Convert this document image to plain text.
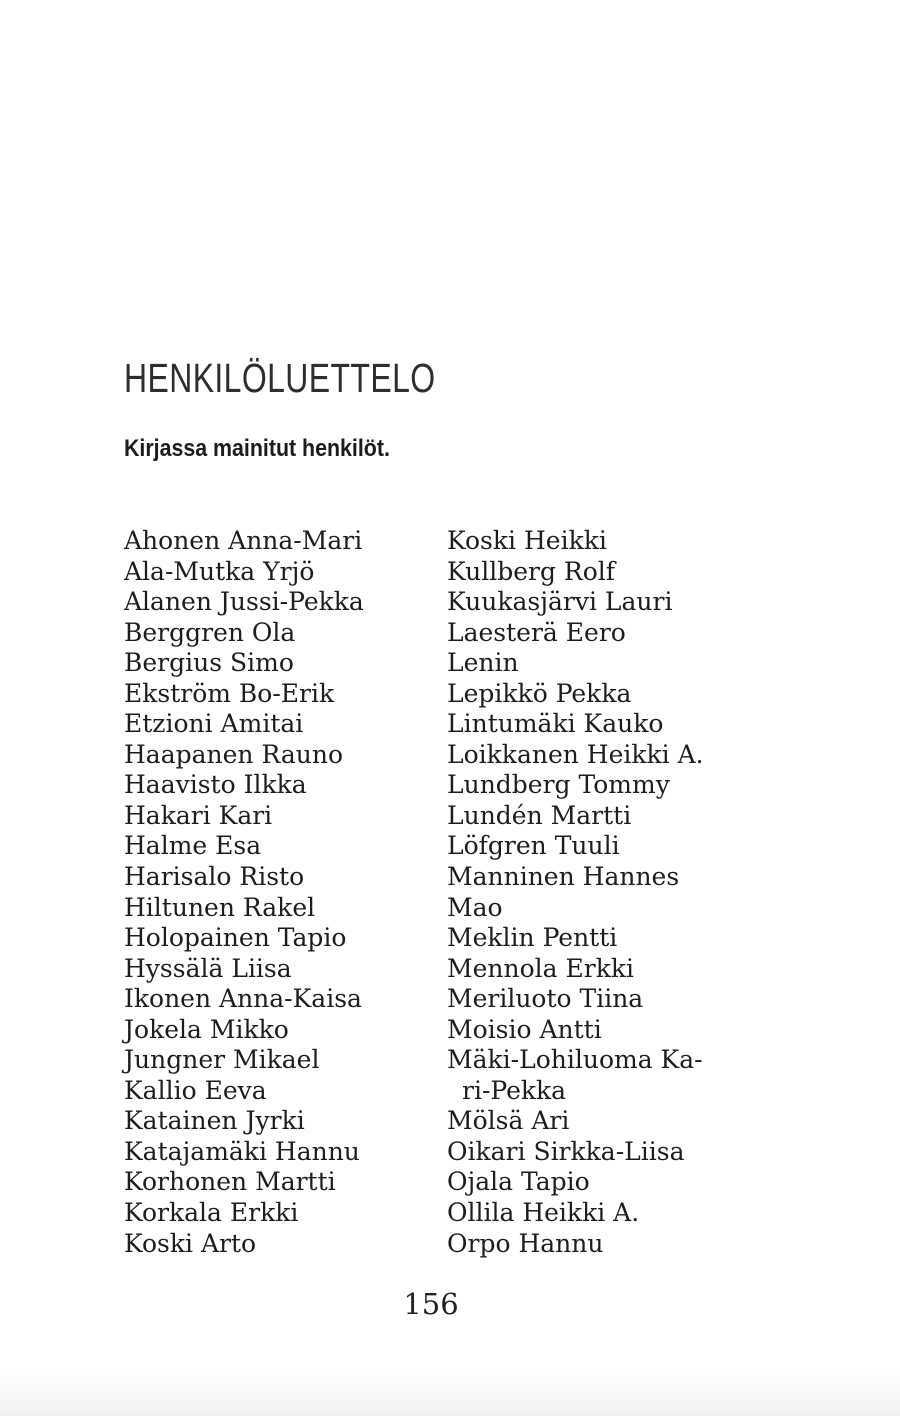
HENKILÖLUETTELO
Kirjassa mainitut henkilöt.
Ahonen Anna-Mari
Ala-Mutka Yrjö
Alanen Jussi-Pekka
Berggren Ola
Bergius Simo
Ekström Bo-Erik
Etzioni Amitai
Haapanen Rauno
Haavisto Ilkka
Hakari Kari
Halme Esa
Harisalo Risto
Hiltunen Rakel
Holopainen Tapio
Hyssälä Liisa
Ikonen Anna-Kaisa
Jokela Mikko
Jungner Mikael
Kallio Eeva
Katainen Jyrki
Katajamäki Hannu
Korhonen Martti
Korkala Erkki
Koski Arto
Koski Heikki
Kullberg Rolf
Kuukasjärvi Lauri
Laesterä Eero
Lenin
Lepikkö Pekka
Lintumäki Kauko
Loikkanen Heikki A.
Lundberg Tommy
Lundén Martti
Löfgren Tuuli
Manninen Hannes
Mao
Meklin Pentti
Mennola Erkki
Meriluoto Tiina
Moisio Antti
Mäki-Lohiluoma Ka-
ri-Pekka
Mölsä Ari
Oikari Sirkka-Liisa
Ojala Tapio
Ollila Heikki A.
Orpo Hannu
156
